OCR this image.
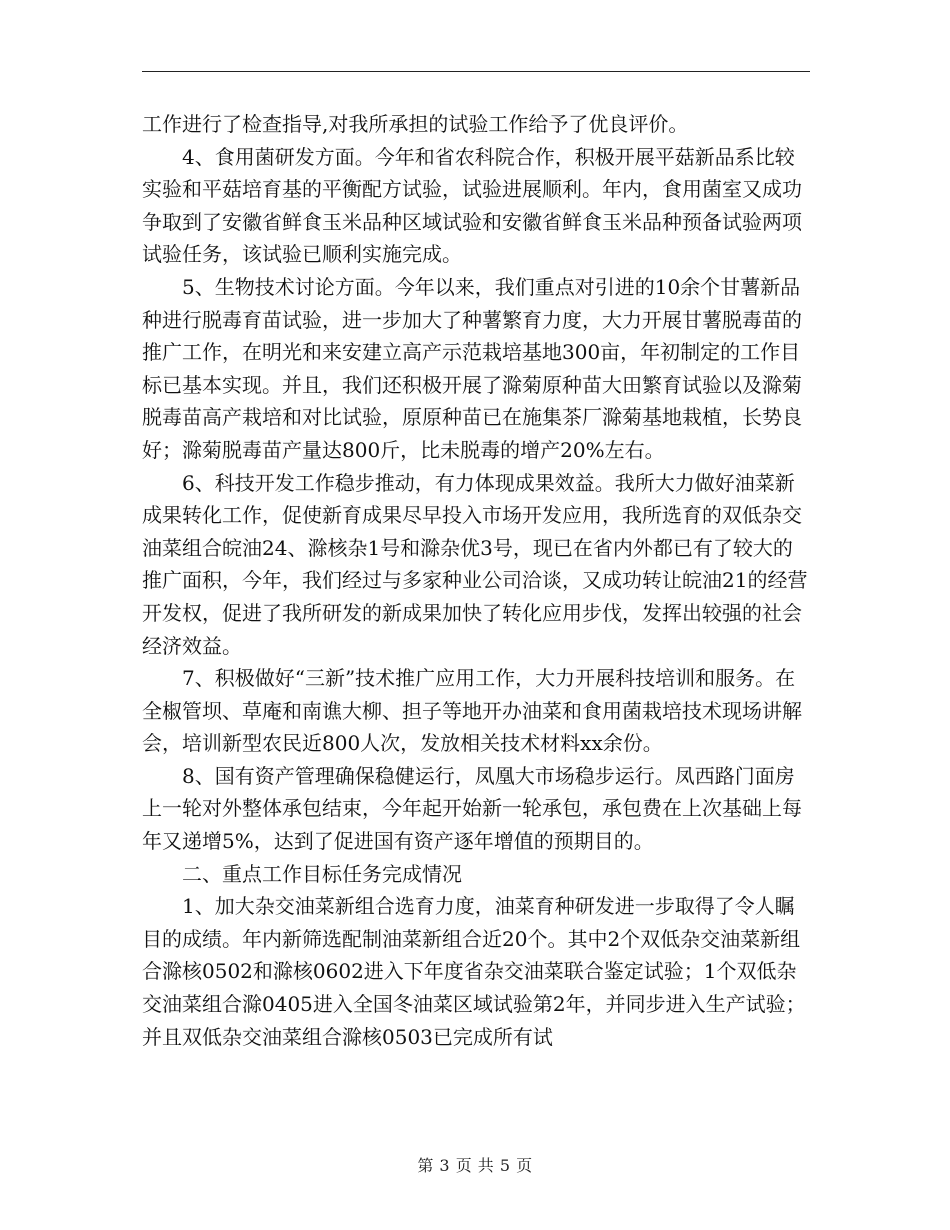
工作进行了检查指导,对我所承担的试验工作给予了优良评价。

4、食用菌研发方面。今年和省农科院合作，积极开展平菇新品系比较实验和平菇培育基的平衡配方试验，试验进展顺利。年内，食用菌室又成功争取到了安徽省鲜食玉米品种区域试验和安徽省鲜食玉米品种预备试验两项试验任务，该试验已顺利实施完成。

5、生物技术讨论方面。今年以来，我们重点对引进的10余个甘薯新品种进行脱毒育苗试验，进一步加大了种薯繁育力度，大力开展甘薯脱毒苗的推广工作，在明光和来安建立高产示范栽培基地300亩，年初制定的工作目标已基本实现。并且，我们还积极开展了滁菊原种苗大田繁育试验以及滁菊脱毒苗高产栽培和对比试验，原原种苗已在施集茶厂滁菊基地栽植，长势良好；滁菊脱毒苗产量达800斤，比未脱毒的增产20%左右。

6、科技开发工作稳步推动，有力体现成果效益。我所大力做好油菜新成果转化工作，促使新育成果尽早投入市场开发应用，我所选育的双低杂交油菜组合皖油24、滁核杂1号和滁杂优3号，现已在省内外都已有了较大的推广面积，今年，我们经过与多家种业公司洽谈，又成功转让皖油21的经营开发权，促进了我所研发的新成果加快了转化应用步伐，发挥出较强的社会经济效益。

7、积极做好“三新”技术推广应用工作，大力开展科技培训和服务。在全椒管坝、草庵和南谯大柳、担子等地开办油菜和食用菌栽培技术现场讲解会，培训新型农民近800人次，发放相关技术材料xx余份。

8、国有资产管理确保稳健运行，凤凰大市场稳步运行。凤西路门面房上一轮对外整体承包结束，今年起开始新一轮承包，承包费在上次基础上每年又递增5%，达到了促进国有资产逐年增值的预期目的。

二、重点工作目标任务完成情况

1、加大杂交油菜新组合选育力度，油菜育种研发进一步取得了令人瞩目的成绩。年内新筛选配制油菜新组合近20个。其中2个双低杂交油菜新组合滁核0502和滁核0602进入下年度省杂交油菜联合鉴定试验；1个双低杂交油菜组合滁0405进入全国冬油菜区域试验第2年，并同步进入生产试验；并且双低杂交油菜组合滁核0503已完成所有试

第 3 页 共 5 页
